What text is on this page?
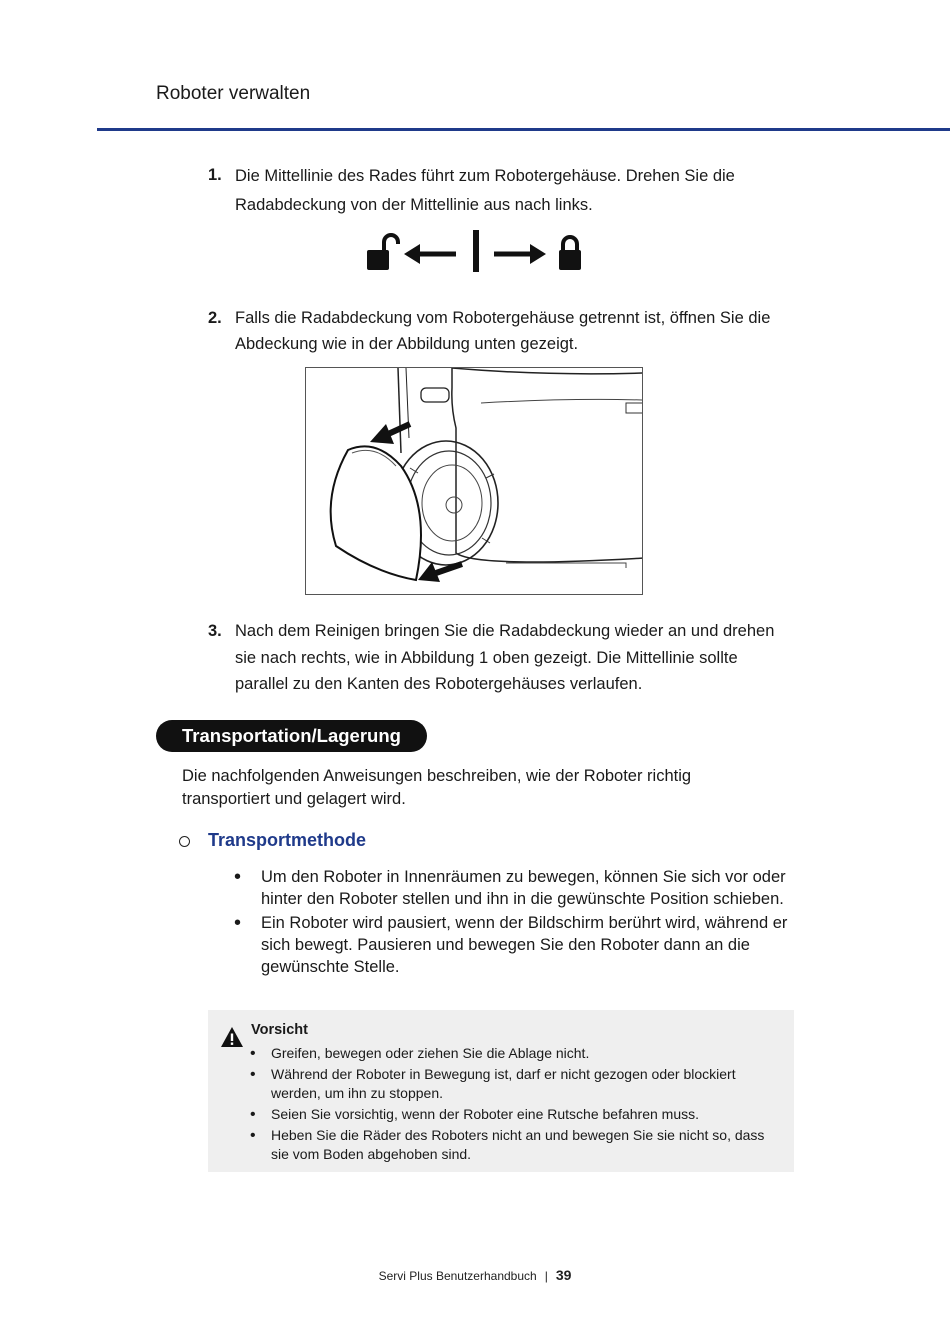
Roboter verwalten
1. Die Mittellinie des Rades führt zum Robotergehäuse. Drehen Sie die Radabdeckung von der Mittellinie aus nach links.
2. Falls die Radabdeckung vom Robotergehäuse getrennt ist, öffnen Sie die Abdeckung wie in der Abbildung unten gezeigt.
3. Nach dem Reinigen bringen Sie die Radabdeckung wieder an und drehen sie nach rechts, wie in Abbildung 1 oben gezeigt. Die Mittellinie sollte parallel zu den Kanten des Robotergehäuses verlaufen.
Transportation/Lagerung
Die nachfolgenden Anweisungen beschreiben, wie der Roboter richtig transportiert und gelagert wird.
Transportmethode
• Um den Roboter in Innenräumen zu bewegen, können Sie sich vor oder hinter den Roboter stellen und ihn in die gewünschte Position schieben.
• Ein Roboter wird pausiert, wenn der Bildschirm berührt wird, während er sich bewegt. Pausieren und bewegen Sie den Roboter dann an die gewünschte Stelle.
Vorsicht
• Greifen, bewegen oder ziehen Sie die Ablage nicht.
• Während der Roboter in Bewegung ist, darf er nicht gezogen oder blockiert werden, um ihn zu stoppen.
• Seien Sie vorsichtig, wenn der Roboter eine Rutsche befahren muss.
• Heben Sie die Räder des Roboters nicht an und bewegen Sie sie nicht so, dass sie vom Boden abgehoben sind.
Servi Plus Benutzerhandbuch | 39
